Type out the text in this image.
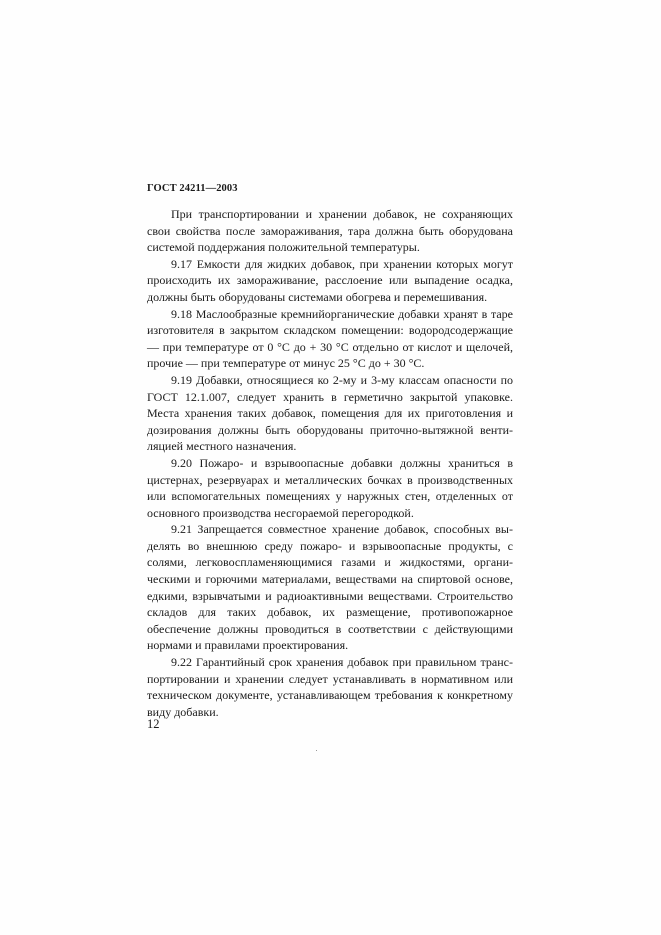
ГОСТ 24211—2003

При транспортировании и хранении добавок, не сохраняющих свои свойства после замораживания, тара должна быть оборудована системой поддержания положительной температуры.

9.17 Емкости для жидких добавок, при хранении которых могут происходить их замораживание, расслоение или выпадение осадка, должны быть оборудованы системами обогрева и перемешивания.

9.18 Маслообразные кремнийорганические добавки хранят в таре изготовителя в закрытом складском помещении: водородсодержащие — при температуре от 0 °С до + 30 °С отдельно от кислот и щелочей, прочие — при температуре от минус 25 °С до + 30 °С.

9.19 Добавки, относящиеся ко 2-му и 3-му классам опасности по ГОСТ 12.1.007, следует хранить в герметично закрытой упаковке. Места хранения таких добавок, помещения для их приготовления и дозирования должны быть оборудованы приточно-вытяжной вентиляцией местного назначения.

9.20 Пожаро- и взрывоопасные добавки должны храниться в цистернах, резервуарах и металлических бочках в производственных или вспомогательных помещениях у наружных стен, отделенных от основного производства несгораемой перегородкой.

9.21 Запрещается совместное хранение добавок, способных выделять во внешнюю среду пожаро- и взрывоопасные продукты, с солями, легковоспламеняющимися газами и жидкостями, органическими и горючими материалами, веществами на спиртовой основе, едкими, взрывчатыми и радиоактивными веществами. Строительство складов для таких добавок, их размещение, противопожарное обеспечение должны проводиться в соответствии с действующими нормами и правилами проектирования.

9.22 Гарантийный срок хранения добавок при правильном транспортировании и хранении следует устанавливать в нормативном или техническом документе, устанавливающем требования к конкретному виду добавки.

12
